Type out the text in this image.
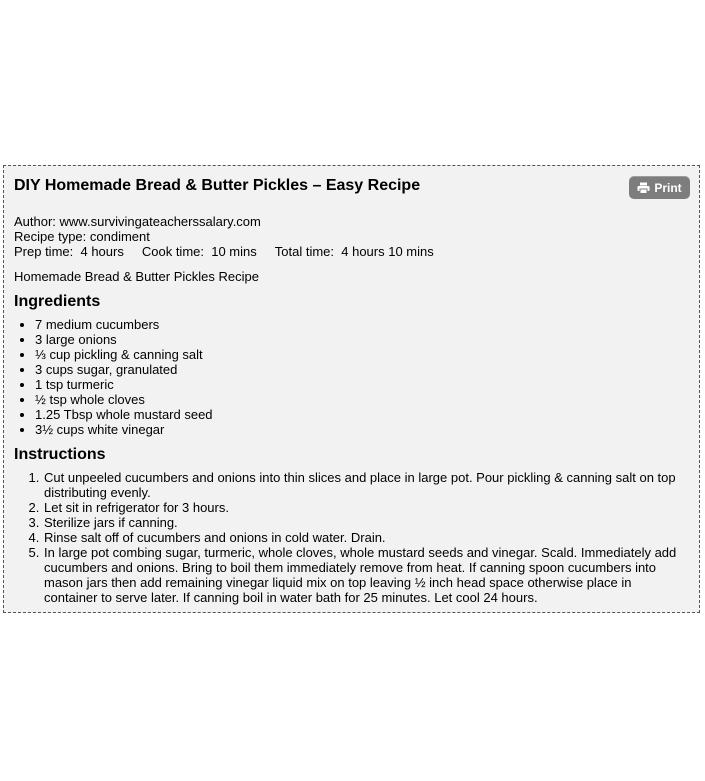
DIY Homemade Bread & Butter Pickles – Easy Recipe	Print
Author: www.survivingateacherssalary.com
Recipe type: condiment
Prep time:  4 hours Cook time:  10 mins Total time:  4 hours 10 mins
Homemade Bread & Butter Pickles Recipe
Ingredients
• 7 medium cucumbers
• 3 large onions
• ⅓ cup pickling & canning salt
• 3 cups sugar, granulated
• 1 tsp turmeric
• ½ tsp whole cloves
• 1.25 Tbsp whole mustard seed
• 3½ cups white vinegar
Instructions
1. Cut unpeeled cucumbers and onions into thin slices and place in large pot. Pour pickling & canning salt on top distributing evenly.
2. Let sit in refrigerator for 3 hours.
3. Sterilize jars if canning.
4. Rinse salt off of cucumbers and onions in cold water. Drain.
5. In large pot combing sugar, turmeric, whole cloves, whole mustard seeds and vinegar. Scald. Immediately add cucumbers and onions. Bring to boil them immediately remove from heat. If canning spoon cucumbers into mason jars then add remaining vinegar liquid mix on top leaving ½ inch head space otherwise place in container to serve later. If canning boil in water bath for 25 minutes. Let cool 24 hours.
